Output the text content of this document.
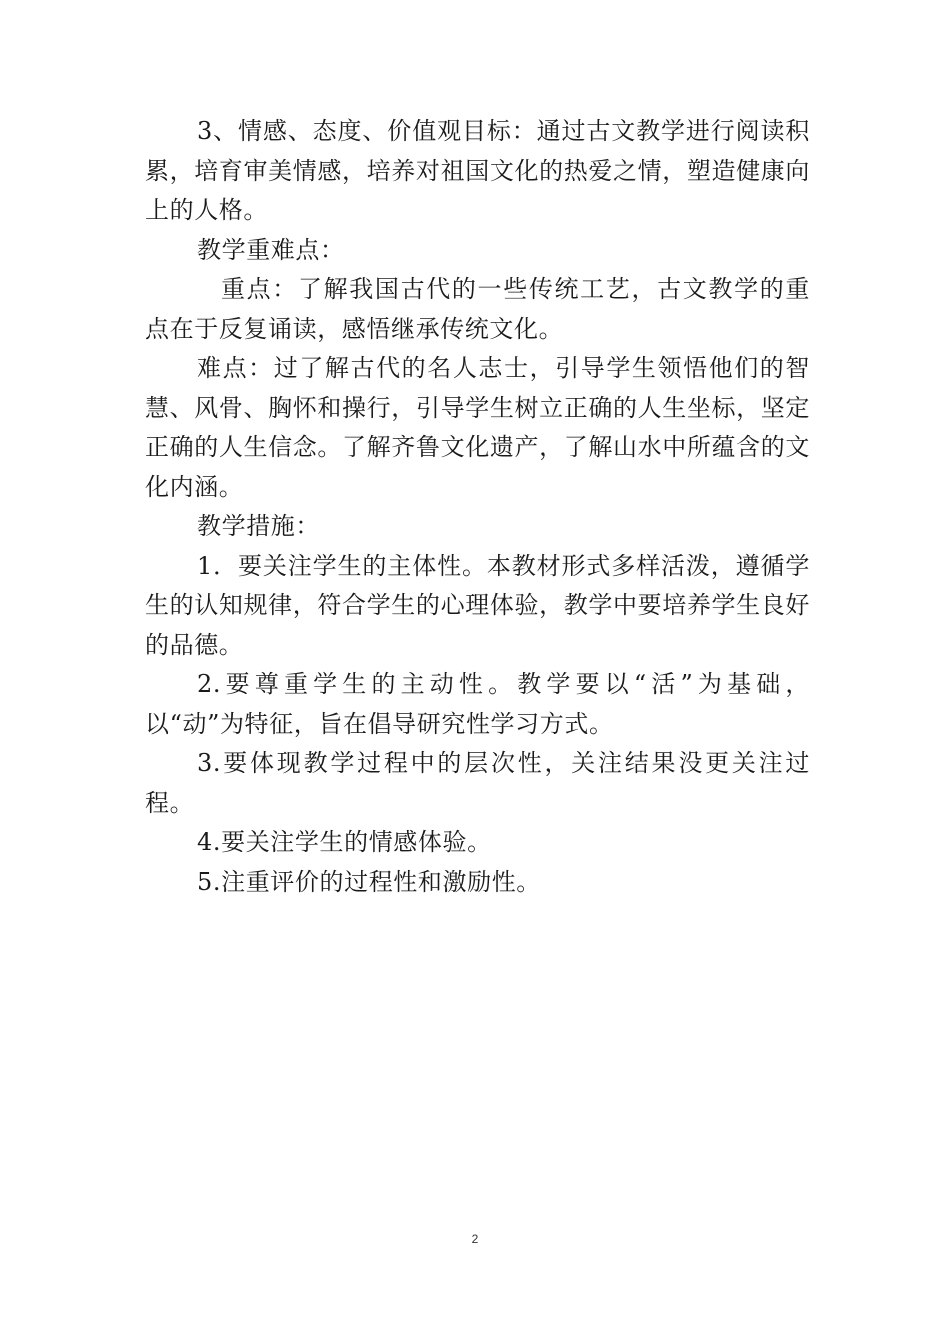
3、情感、态度、价值观目标：通过古文教学进行阅读积累，培育审美情感，培养对祖国文化的热爱之情，塑造健康向上的人格。

教学重难点：

重点：了解我国古代的一些传统工艺，古文教学的重点在于反复诵读，感悟继承传统文化。

难点：过了解古代的名人志士，引导学生领悟他们的智慧、风骨、胸怀和操行，引导学生树立正确的人生坐标，坚定正确的人生信念。了解齐鲁文化遗产，了解山水中所蕴含的文化内涵。

教学措施：

1．要关注学生的主体性。本教材形式多样活泼，遵循学生的认知规律，符合学生的心理体验，教学中要培养学生良好的品德。

2.要尊重学生的主动性。教学要以“活”为基础，以“动”为特征，旨在倡导研究性学习方式。

3.要体现教学过程中的层次性，关注结果没更关注过程。

4.要关注学生的情感体验。

5.注重评价的过程性和激励性。

2
